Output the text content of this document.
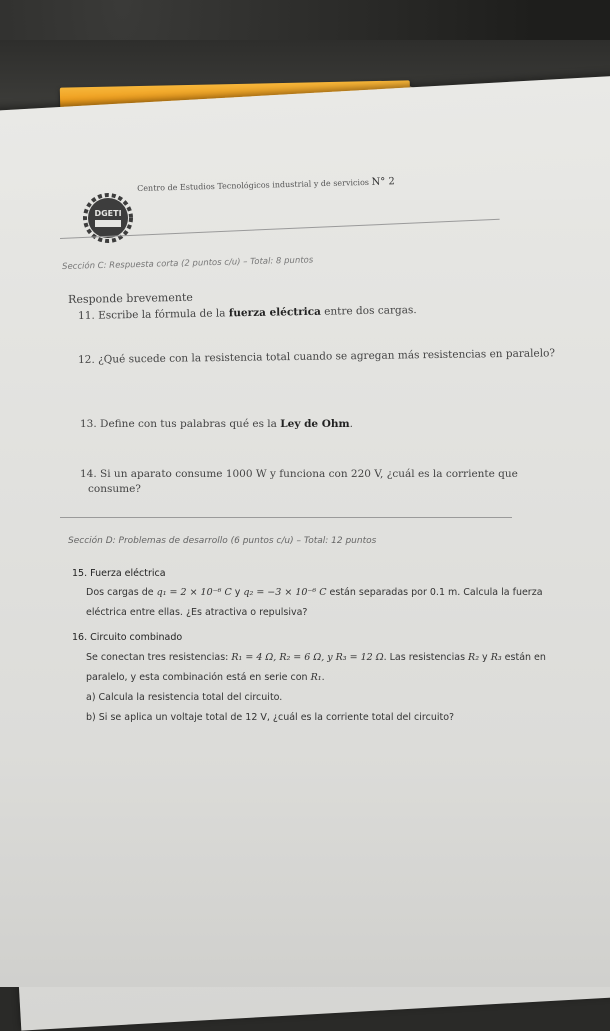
DGETI
Centro de Estudios Tecnológicos industrial y de servicios N° 2
Sección C: Respuesta corta (2 puntos c/u) – Total: 8 puntos
Responde brevemente
11. Escribe la fórmula de la fuerza eléctrica entre dos cargas.
12. ¿Qué sucede con la resistencia total cuando se agregan más resistencias en paralelo?
13. Define con tus palabras qué es la Ley de Ohm.
14. Si un aparato consume 1000 W y funciona con 220 V, ¿cuál es la corriente que
consume?
Sección D: Problemas de desarrollo (6 puntos c/u) – Total: 12 puntos
15. Fuerza eléctrica
Dos cargas de q₁ = 2 × 10⁻⁶ C y q₂ = −3 × 10⁻⁶ C están separadas por 0.1 m. Calcula la fuerza
eléctrica entre ellas. ¿Es atractiva o repulsiva?
16. Circuito combinado
Se conectan tres resistencias: R₁ = 4 Ω, R₂ = 6 Ω, y R₃ = 12 Ω. Las resistencias R₂ y R₃ están en
paralelo, y esta combinación está en serie con R₁.
a) Calcula la resistencia total del circuito.
b) Si se aplica un voltaje total de 12 V, ¿cuál es la corriente total del circuito?
